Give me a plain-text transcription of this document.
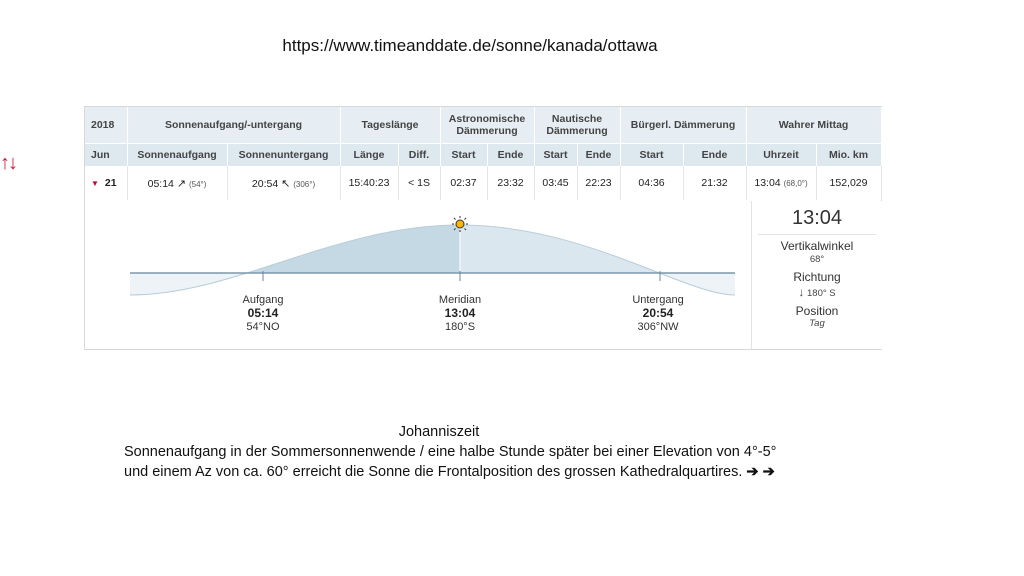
https://www.timeanddate.de/sonne/kanada/ottawa
2018	Sonnenaufgang/-untergang		Tageslänge		Astronomische Dämmerung		Nautische Dämmerung		Bürgerl. Dämmerung		Wahrer Mittag	
Jun	Sonnenaufgang	Sonnenuntergang	Länge	Diff.	Start	Ende	Start	Ende	Start	Ende	Uhrzeit	Mio. km
▼ 21	05:14 ↗ (54°)	20:54 ↖ (306°)	15:40:23	< 1S	02:37	23:32	03:45	22:23	04:36	21:32	13:04 (68,0°)	152,029
Aufgang
05:14
54°NO
Meridian
13:04
180°S
Untergang
20:54
306°NW
13:04
Vertikalwinkel
68°
Richtung
↓ 180° S
Position
Tag
↑↓
Johanniszeit
Sonnenaufgang in der Sommersonnenwende / eine halbe Stunde später bei einer Elevation von 4°-5°
und einem Az von ca. 60° erreicht die Sonne die Frontalposition des grossen Kathedralquartires. ➔ ➔
